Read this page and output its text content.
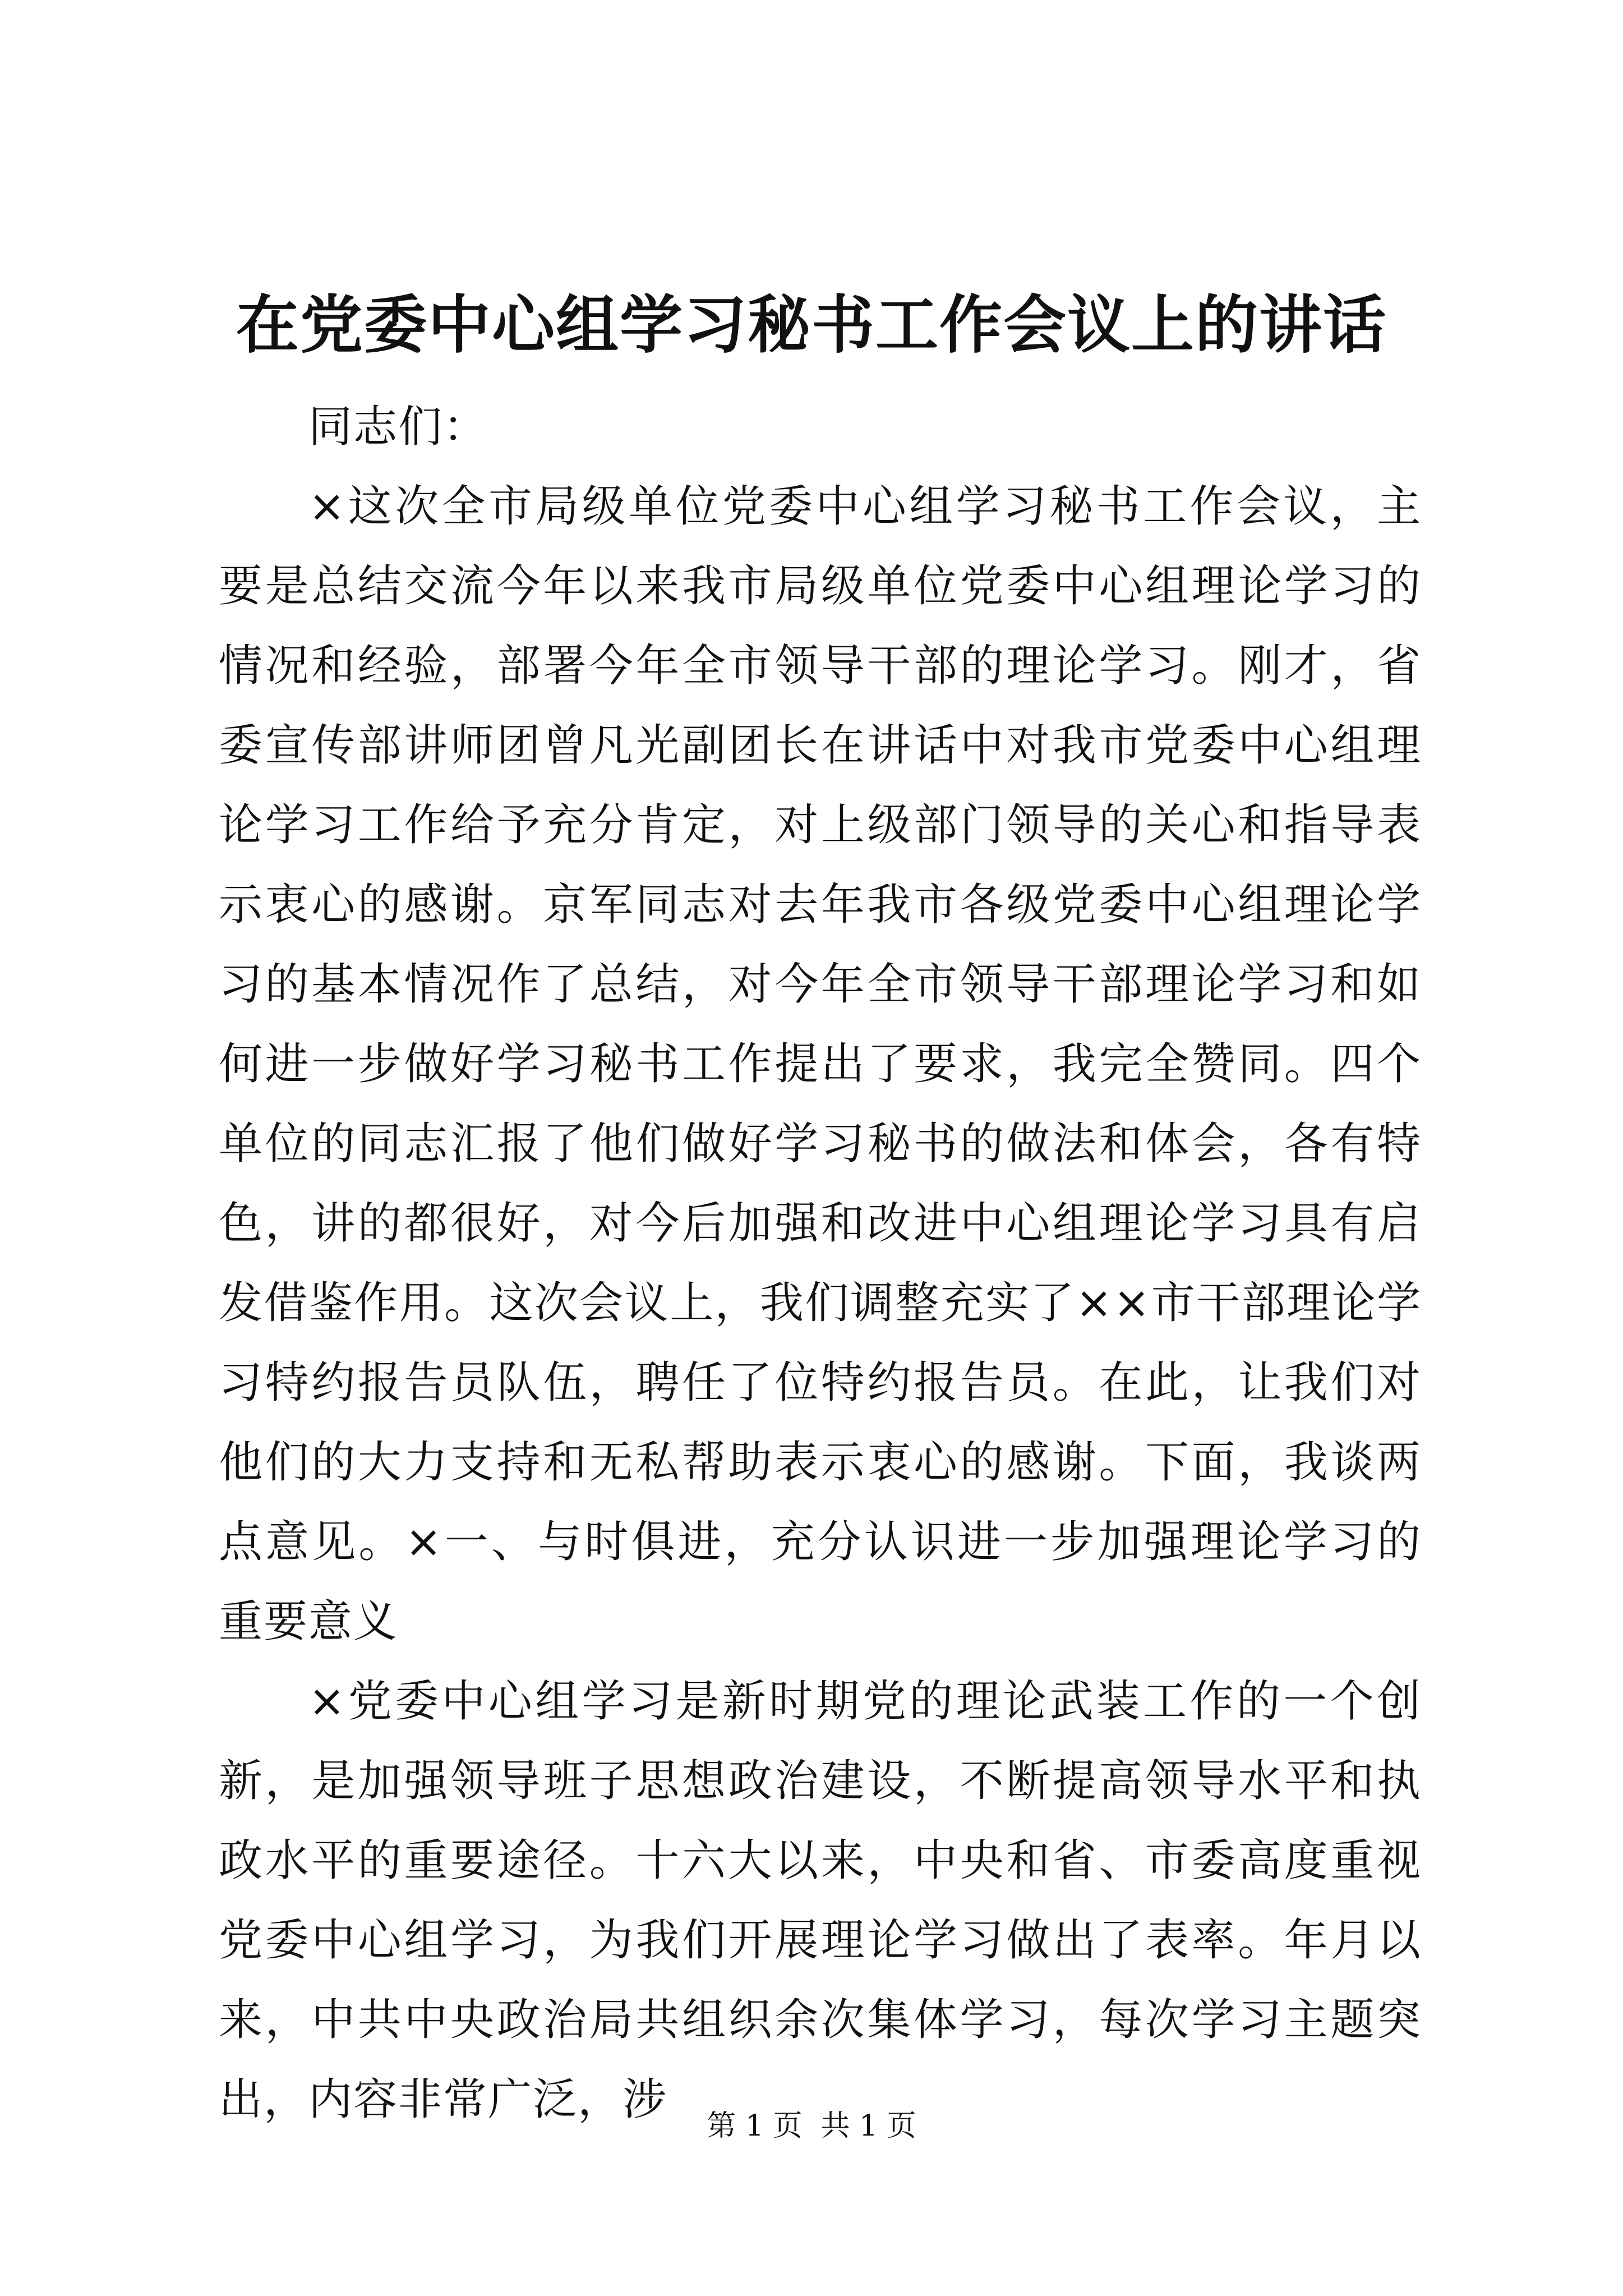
在党委中心组学习秘书工作会议上的讲话

同志们：

×这次全市局级单位党委中心组学习秘书工作会议，主要是总结交流今年以来我市局级单位党委中心组理论学习的情况和经验，部署今年全市领导干部的理论学习。刚才，省委宣传部讲师团曾凡光副团长在讲话中对我市党委中心组理论学习工作给予充分肯定，对上级部门领导的关心和指导表示衷心的感谢。京军同志对去年我市各级党委中心组理论学习的基本情况作了总结，对今年全市领导干部理论学习和如何进一步做好学习秘书工作提出了要求，我完全赞同。四个单位的同志汇报了他们做好学习秘书的做法和体会，各有特色，讲的都很好，对今后加强和改进中心组理论学习具有启发借鉴作用。这次会议上，我们调整充实了××市干部理论学习特约报告员队伍，聘任了位特约报告员。在此，让我们对他们的大力支持和无私帮助表示衷心的感谢。下面，我谈两点意见。×一、与时俱进，充分认识进一步加强理论学习的重要意义

×党委中心组学习是新时期党的理论武装工作的一个创新，是加强领导班子思想政治建设，不断提高领导水平和执政水平的重要途径。十六大以来，中央和省、市委高度重视党委中心组学习，为我们开展理论学习做出了表率。年月以来，中共中央政治局共组织余次集体学习，每次学习主题突出，内容非常广泛，涉

第 1 页  共 1 页
